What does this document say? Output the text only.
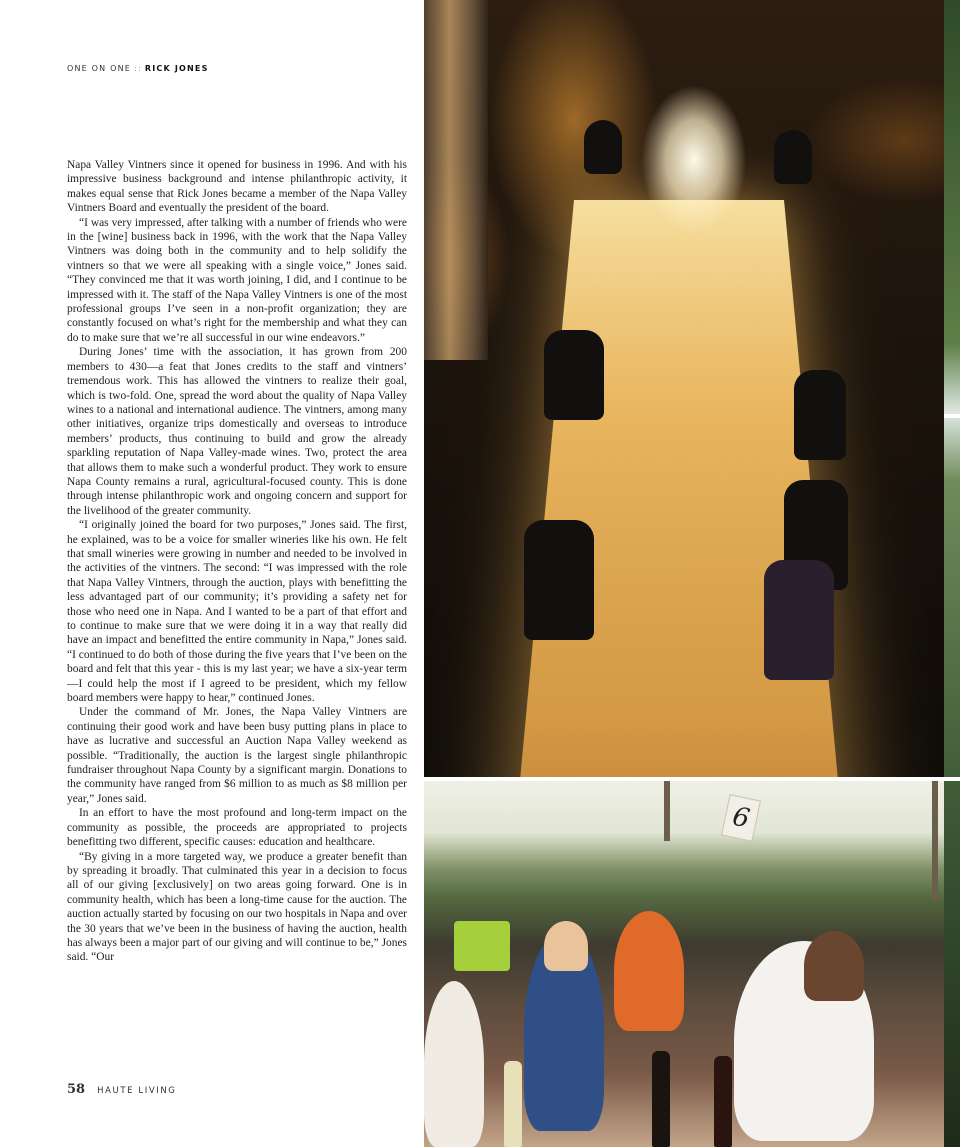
ONE ON ONE :: RICK JONES

Napa Valley Vintners since it opened for business in 1996. And with his impressive business background and intense philanthropic activity, it makes equal sense that Rick Jones became a member of the Napa Valley Vintners Board and eventually the president of the board.

“I was very impressed, after talking with a number of friends who were in the [wine] business back in 1996, with the work that the Napa Valley Vintners was doing both in the community and to help solidify the vintners so that we were all speaking with a single voice,” Jones said. “They convinced me that it was worth joining, I did, and I continue to be impressed with it. The staff of the Napa Valley Vintners is one of the most professional groups I’ve seen in a non-profit organization; they are constantly focused on what’s right for the membership and what they can do to make sure that we’re all successful in our wine endeavors.”

During Jones’ time with the association, it has grown from 200 members to 430—a feat that Jones credits to the staff and vintners’ tremendous work. This has allowed the vintners to realize their goal, which is two-fold. One, spread the word about the quality of Napa Valley wines to a national and international audience. The vintners, among many other initiatives, organize trips domestically and overseas to introduce members’ products, thus continuing to build and grow the already sparkling reputation of Napa Valley-made wines. Two, protect the area that allows them to make such a wonderful product. They work to ensure Napa County remains a rural, agricultural-focused county. This is done through intense philanthropic work and ongoing concern and support for the livelihood of the greater community.

“I originally joined the board for two purposes,” Jones said. The first, he explained, was to be a voice for smaller wineries like his own. He felt that small wineries were growing in number and needed to be involved in the activities of the vintners. The second: “I was impressed with the role that Napa Valley Vintners, through the auction, plays with benefitting the less advantaged part of our community; it’s providing a safety net for those who need one in Napa. And I wanted to be a part of that effort and to continue to make sure that we were doing it in a way that really did have an impact and benefitted the entire community in Napa,” Jones said. “I continued to do both of those during the five years that I’ve been on the board and felt that this year - this is my last year; we have a six-year term—I could help the most if I agreed to be president, which my fellow board members were happy to hear,” continued Jones.

Under the command of Mr. Jones, the Napa Valley Vintners are continuing their good work and have been busy putting plans in place to have as lucrative and successful an Auction Napa Valley weekend as possible. “Traditionally, the auction is the largest single philanthropic fundraiser throughout Napa County by a significant margin. Donations to the community have ranged from $6 million to as much as $8 million per year,” Jones said.

In an effort to have the most profound and long-term impact on the community as possible, the proceeds are appropriated to projects benefitting two different, specific causes: education and healthcare.

“By giving in a more targeted way, we produce a greater benefit than by spreading it broadly. That culminated this year in a decision to focus all of our giving [exclusively] on two areas going forward. One is in community health, which has been a long-time cause for the auction. The auction actually started by focusing on our two hospitals in Napa and over the 30 years that we’ve been in the business of having the auction, health has always been a major part of our giving and will continue to be,” Jones said. “Our

58 HAUTE LIVING
6
